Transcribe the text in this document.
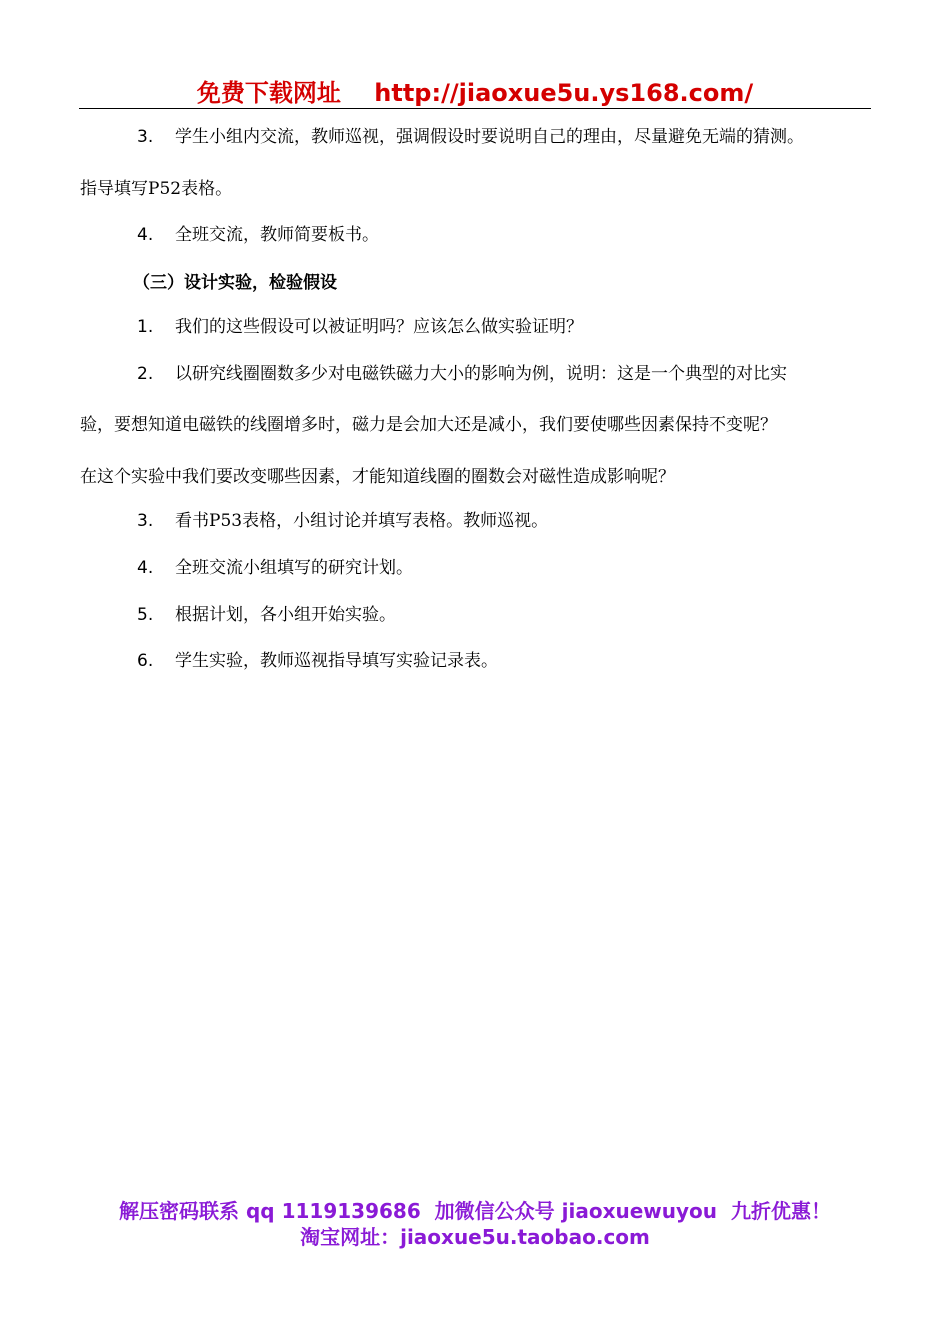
免费下载网址    http://jiaoxue5u.ys168.com/
3. 学生小组内交流，教师巡视，强调假设时要说明自己的理由，尽量避免无端的猜测。
指导填写P52表格。
4. 全班交流，教师简要板书。
（三）设计实验，检验假设
1. 我们的这些假设可以被证明吗？应该怎么做实验证明？
2. 以研究线圈圈数多少对电磁铁磁力大小的影响为例，说明：这是一个典型的对比实
验，要想知道电磁铁的线圈增多时，磁力是会加大还是减小，我们要使哪些因素保持不变呢？
在这个实验中我们要改变哪些因素，才能知道线圈的圈数会对磁性造成影响呢？
3. 看书P53表格，小组讨论并填写表格。教师巡视。
4. 全班交流小组填写的研究计划。
5. 根据计划，各小组开始实验。
6. 学生实验，教师巡视指导填写实验记录表。
解压密码联系 qq 1119139686  加微信公众号 jiaoxuewuyou  九折优惠！
淘宝网址：jiaoxue5u.taobao.com
